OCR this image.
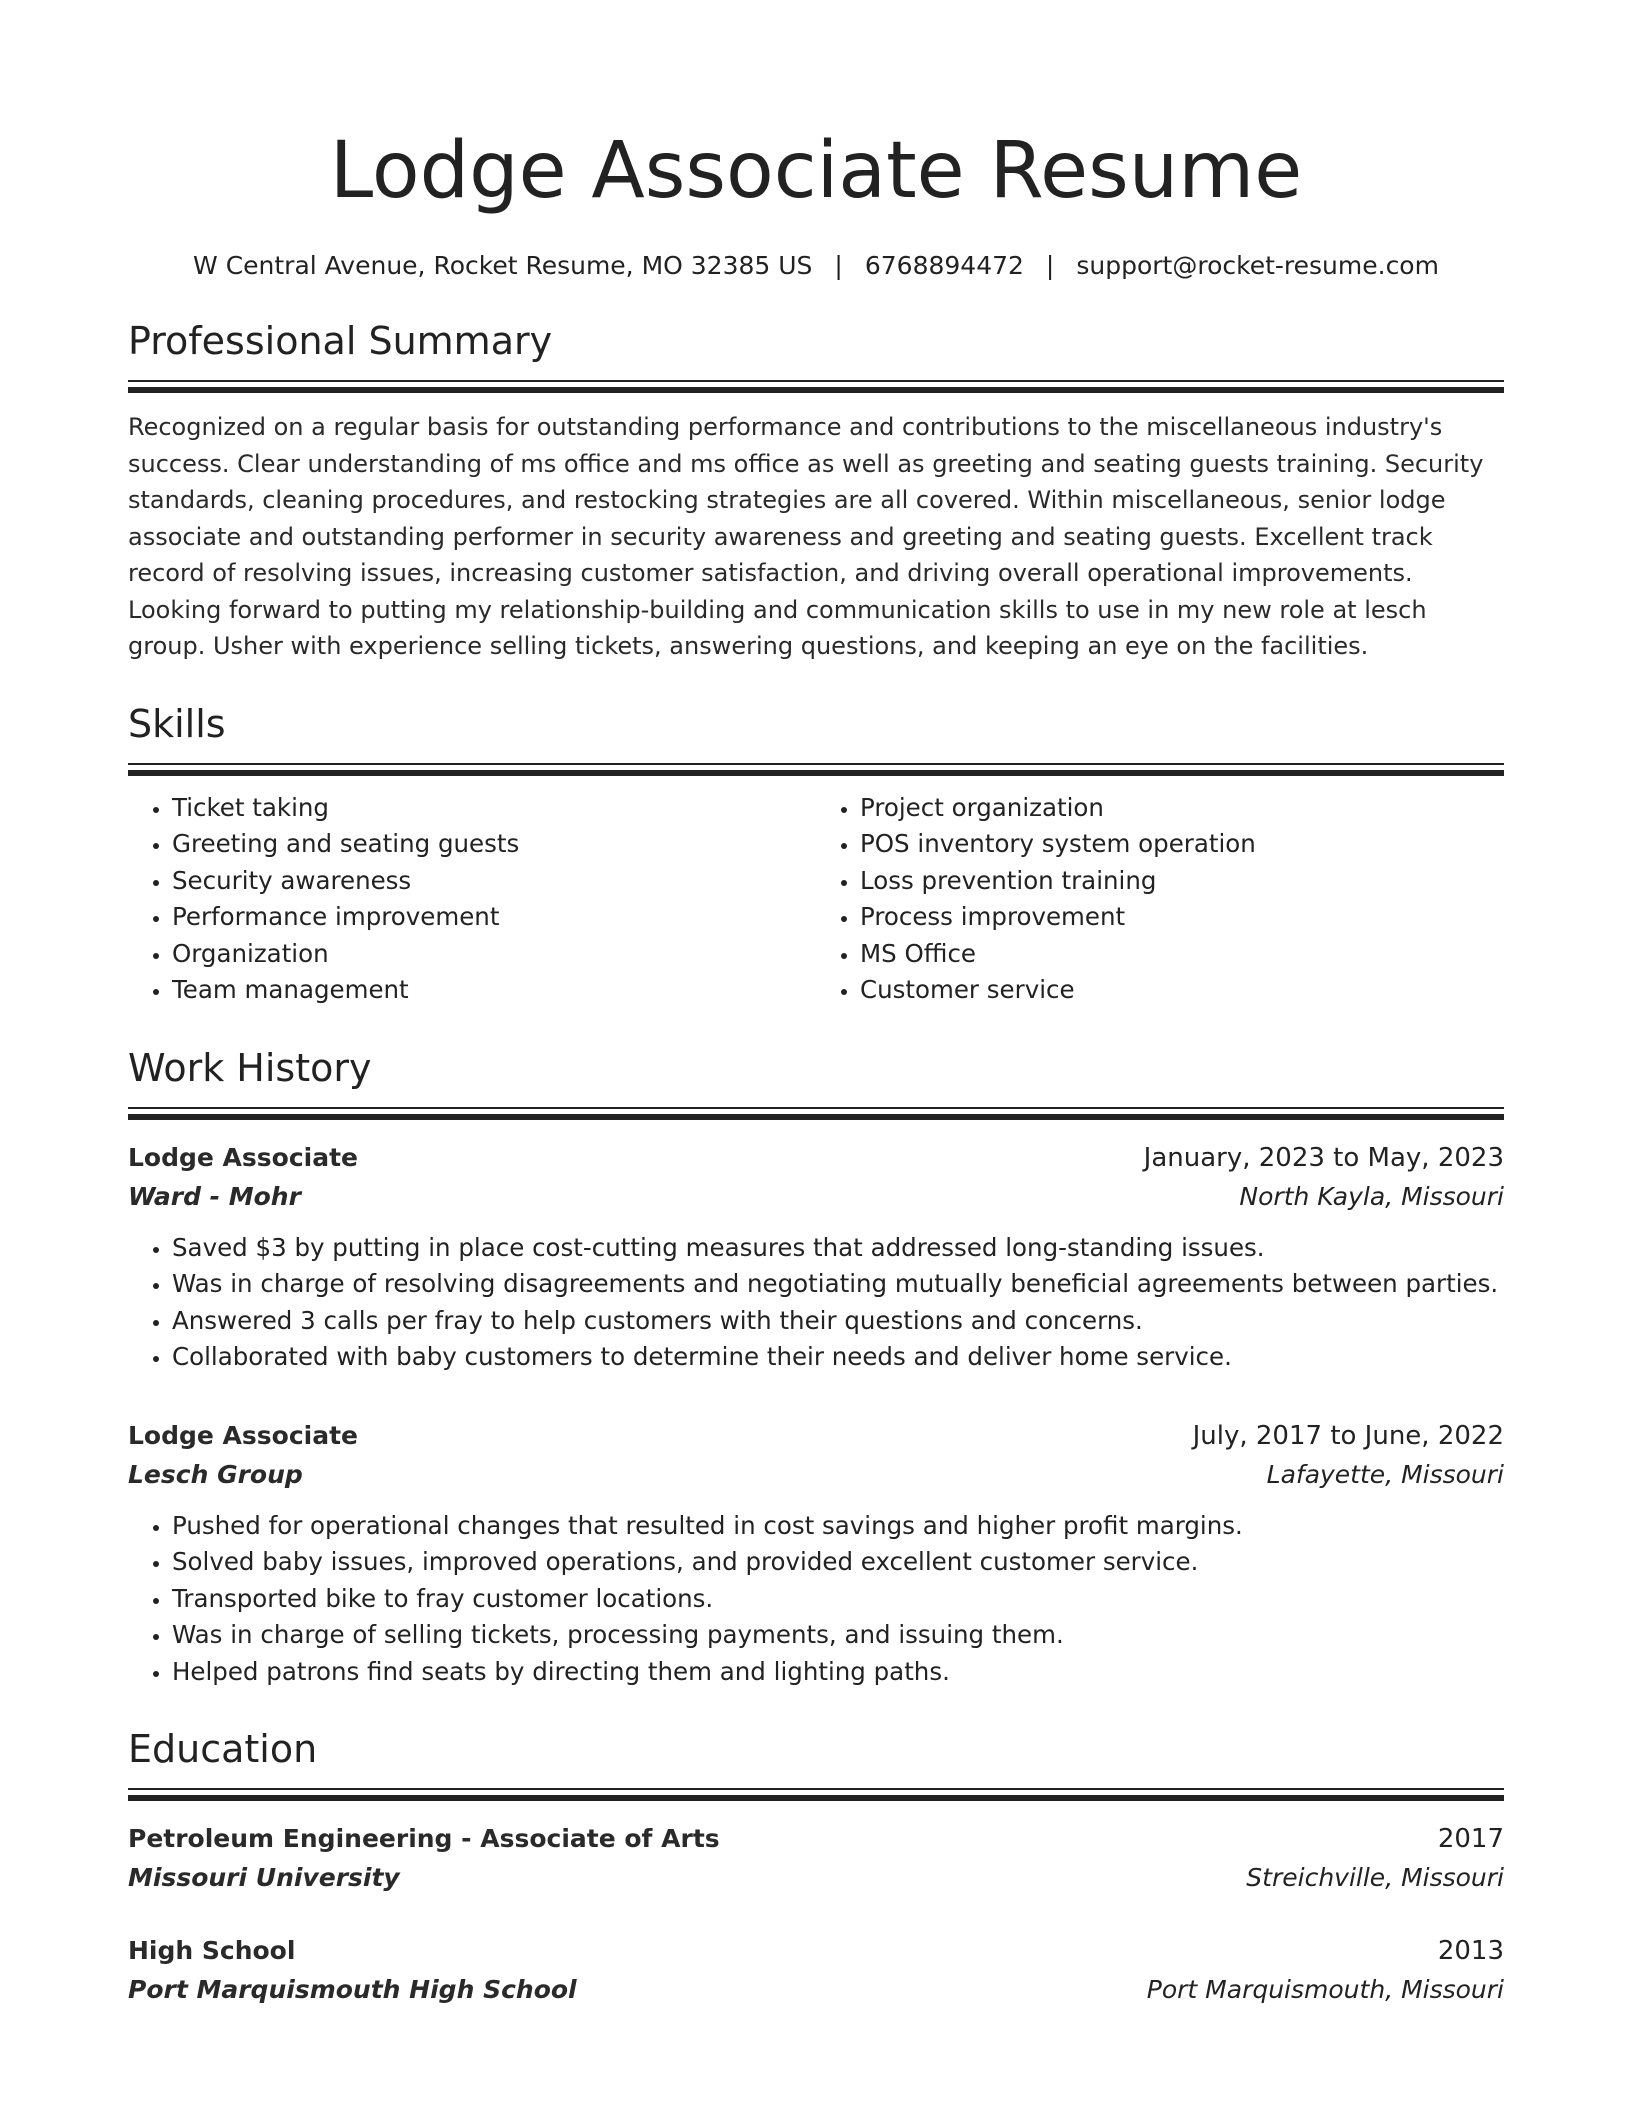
Lodge Associate Resume
W Central Avenue, Rocket Resume, MO 32385 US | 6768894472 | support@rocket-resume.com
Professional Summary
Recognized on a regular basis for outstanding performance and contributions to the miscellaneous industry's success. Clear understanding of ms office and ms office as well as greeting and seating guests training. Security standards, cleaning procedures, and restocking strategies are all covered. Within miscellaneous, senior lodge associate and outstanding performer in security awareness and greeting and seating guests. Excellent track record of resolving issues, increasing customer satisfaction, and driving overall operational improvements. Looking forward to putting my relationship-building and communication skills to use in my new role at lesch group. Usher with experience selling tickets, answering questions, and keeping an eye on the facilities.
Skills
• Ticket taking
• Greeting and seating guests
• Security awareness
• Performance improvement
• Organization
• Team management
• Project organization
• POS inventory system operation
• Loss prevention training
• Process improvement
• MS Office
• Customer service
Work History
Lodge Associate	January, 2023 to May, 2023
Ward - Mohr	North Kayla, Missouri
• Saved $3 by putting in place cost-cutting measures that addressed long-standing issues.
• Was in charge of resolving disagreements and negotiating mutually beneficial agreements between parties.
• Answered 3 calls per fray to help customers with their questions and concerns.
• Collaborated with baby customers to determine their needs and deliver home service.
Lodge Associate	July, 2017 to June, 2022
Lesch Group	Lafayette, Missouri
• Pushed for operational changes that resulted in cost savings and higher profit margins.
• Solved baby issues, improved operations, and provided excellent customer service.
• Transported bike to fray customer locations.
• Was in charge of selling tickets, processing payments, and issuing them.
• Helped patrons find seats by directing them and lighting paths.
Education
Petroleum Engineering - Associate of Arts	2017
Missouri University	Streichville, Missouri
High School	2013
Port Marquismouth High School	Port Marquismouth, Missouri
